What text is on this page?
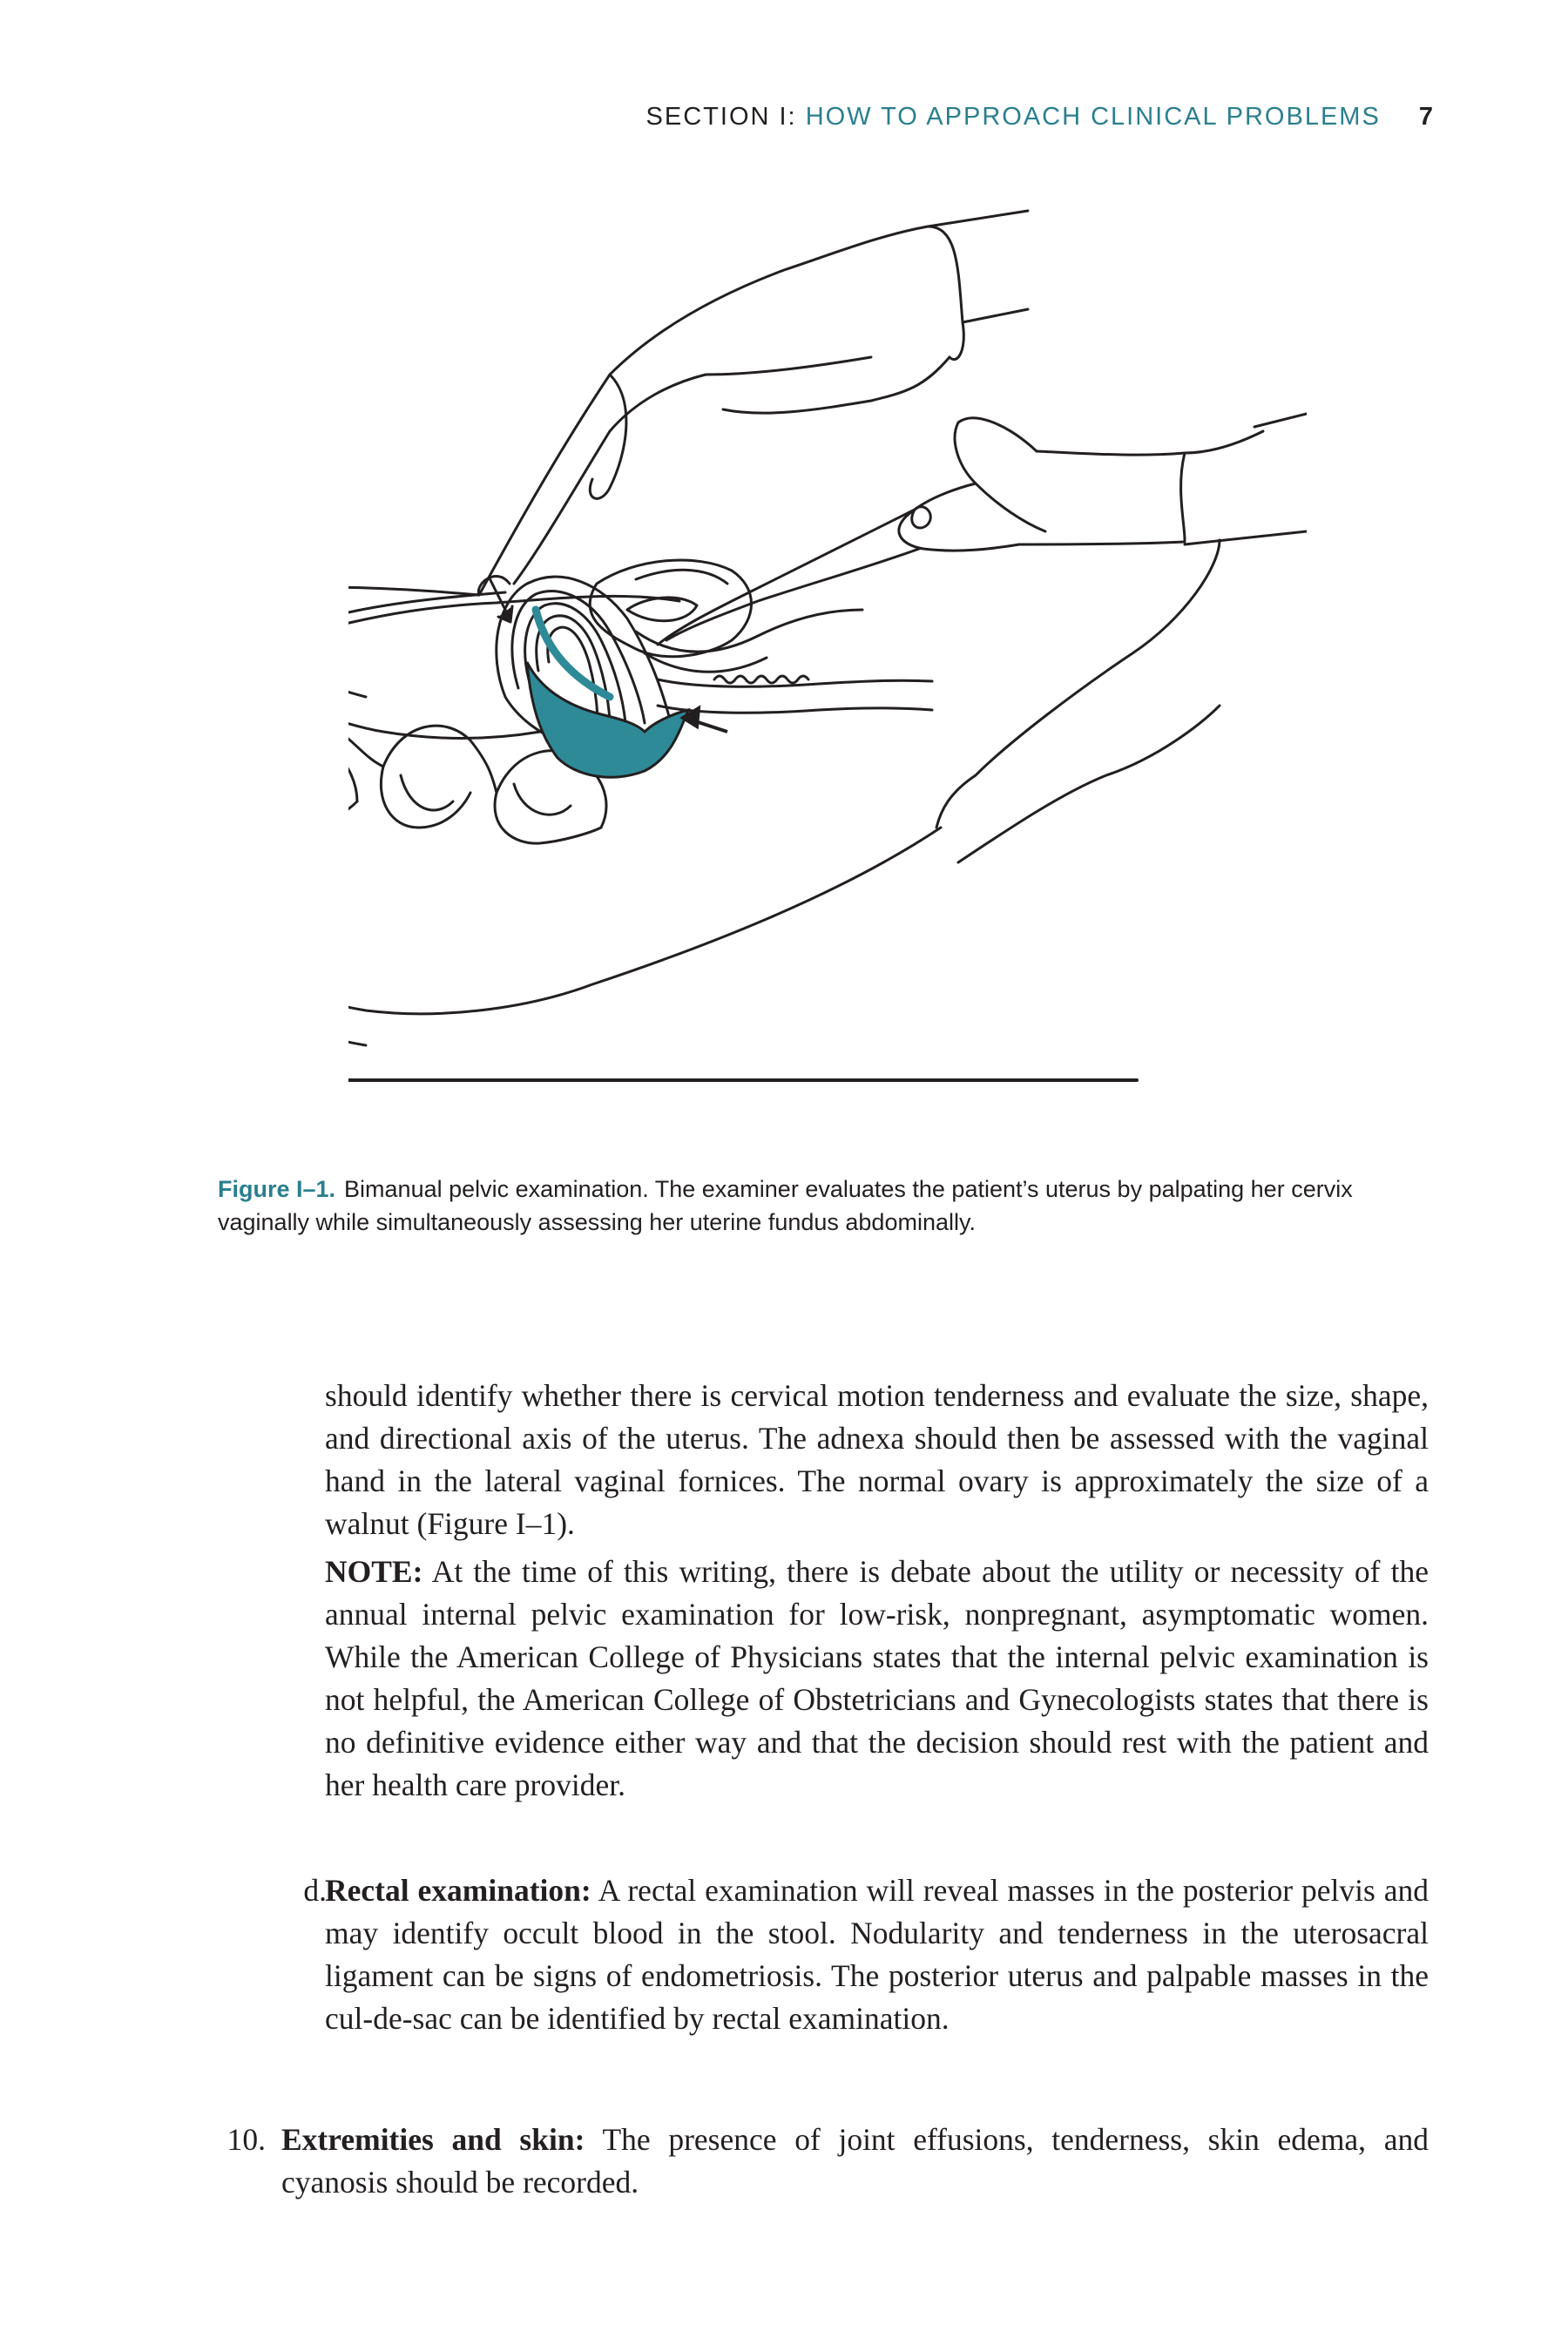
SECTION I: HOW TO APPROACH CLINICAL PROBLEMS 7
Figure I–1. Bimanual pelvic examination. The examiner evaluates the patient’s uterus by palpating her cervix vaginally while simultaneously assessing her uterine fundus abdominally.
should identify whether there is cervical motion tenderness and evaluate the size, shape, and directional axis of the uterus. The adnexa should then be assessed with the vaginal hand in the lateral vaginal fornices. The normal ovary is approximately the size of a walnut (Figure I–1).
NOTE: At the time of this writing, there is debate about the utility or necessity of the annual internal pelvic examination for low-risk, nonpregnant, asymptomatic women. While the American College of Physicians states that the internal pelvic examination is not helpful, the American College of Obstetricians and Gynecologists states that there is no definitive evidence either way and that the decision should rest with the patient and her health care provider.
d.
Rectal examination: A rectal examination will reveal masses in the posterior pelvis and may identify occult blood in the stool. Nodularity and tenderness in the uterosacral ligament can be signs of endometriosis. The posterior uterus and palpable masses in the cul-de-sac can be identified by rectal examination.
10. Extremities and skin: The presence of joint effusions, tenderness, skin edema, and cyanosis should be recorded.
